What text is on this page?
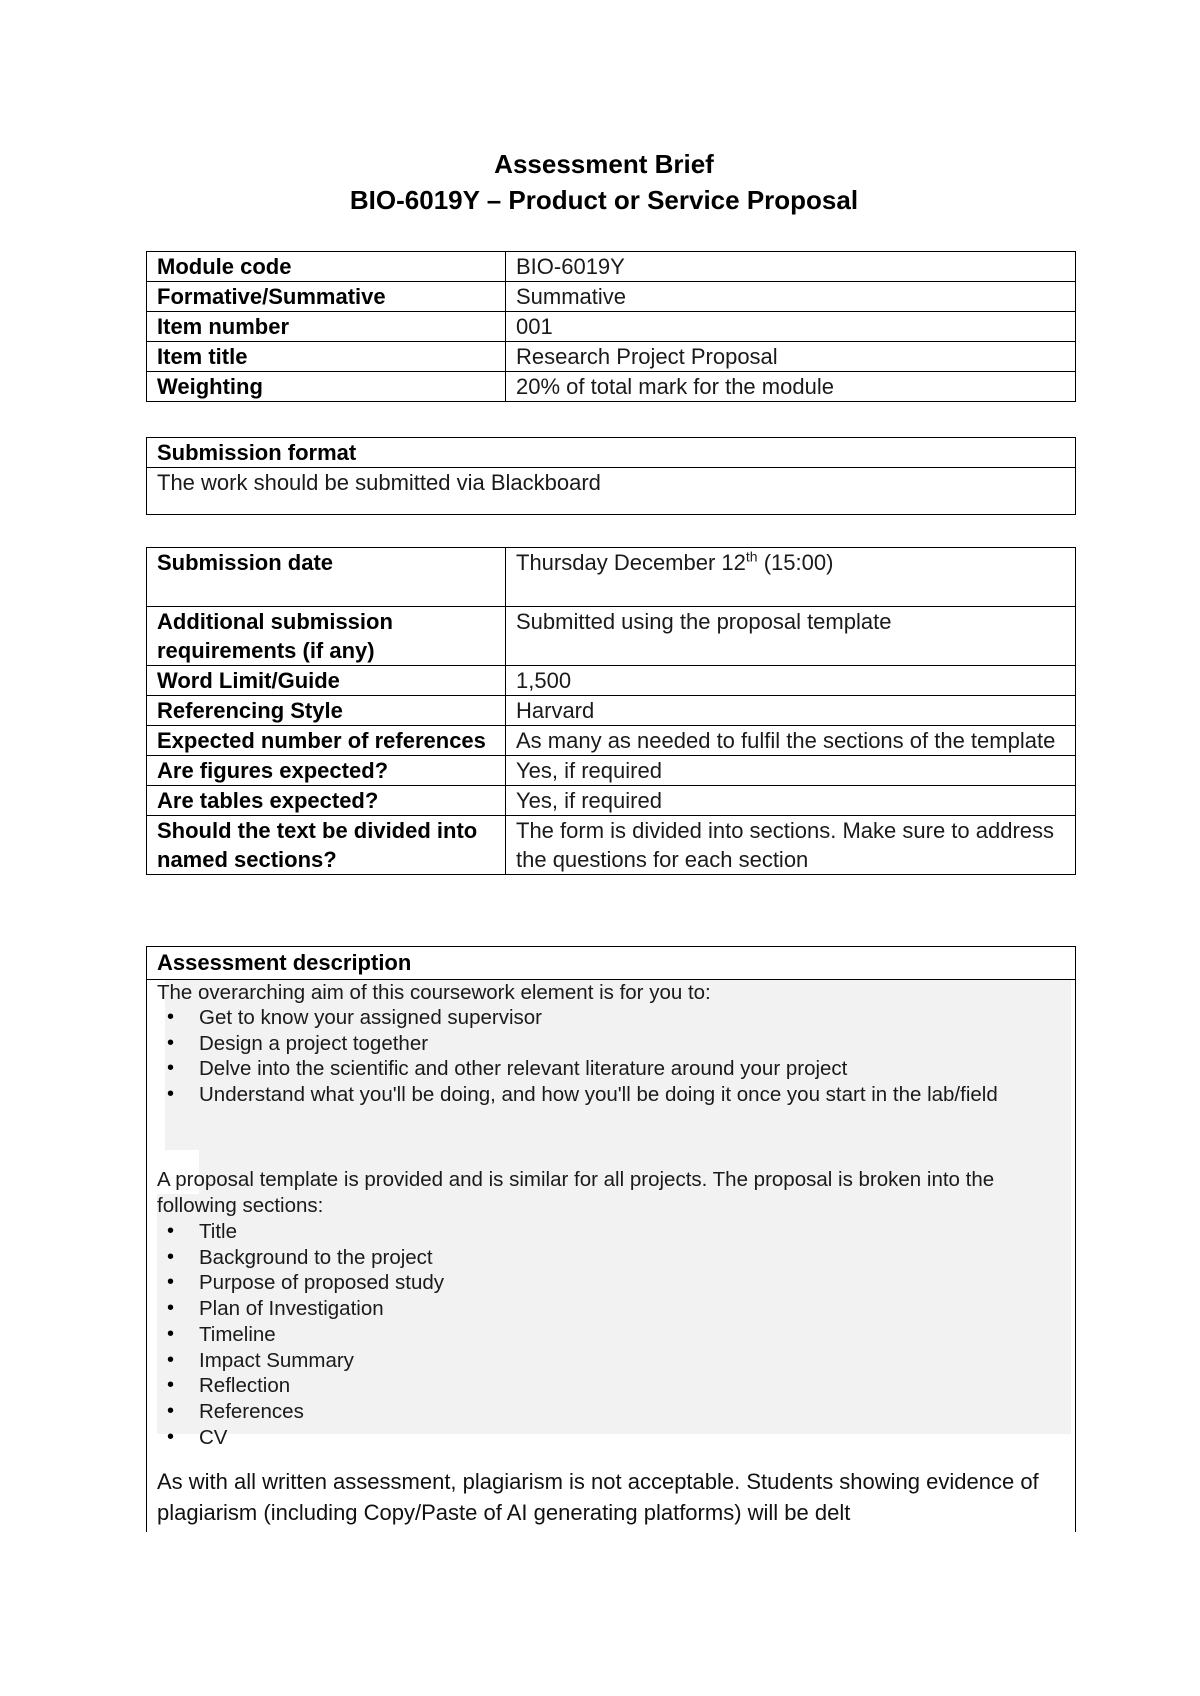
Assessment Brief
BIO-6019Y – Product or Service Proposal
Module code	BIO-6019Y
Formative/Summative	Summative
Item number	001
Item title	Research Project Proposal
Weighting	20% of total mark for the module
Submission format
The work should be submitted via Blackboard
Submission date	Thursday December 12th (15:00)
Additional submission requirements (if any)	Submitted using the proposal template
Word Limit/Guide	1,500
Referencing Style	Harvard
Expected number of references	As many as needed to fulfil the sections of the template
Are figures expected?	Yes, if required
Are tables expected?	Yes, if required
Should the text be divided into named sections?	The form is divided into sections. Make sure to address the questions for each section
Assessment description
The overarching aim of this coursework element is for you to:
• Get to know your assigned supervisor
• Design a project together
• Delve into the scientific and other relevant literature around your project
• Understand what you'll be doing, and how you'll be doing it once you start in the lab/field
A proposal template is provided and is similar for all projects. The proposal is broken into the following sections:
• Title
• Background to the project
• Purpose of proposed study
• Plan of Investigation
• Timeline
• Impact Summary
• Reflection
• References
• CV
As with all written assessment, plagiarism is not acceptable. Students showing evidence of plagiarism (including Copy/Paste of AI generating platforms) will be delt
